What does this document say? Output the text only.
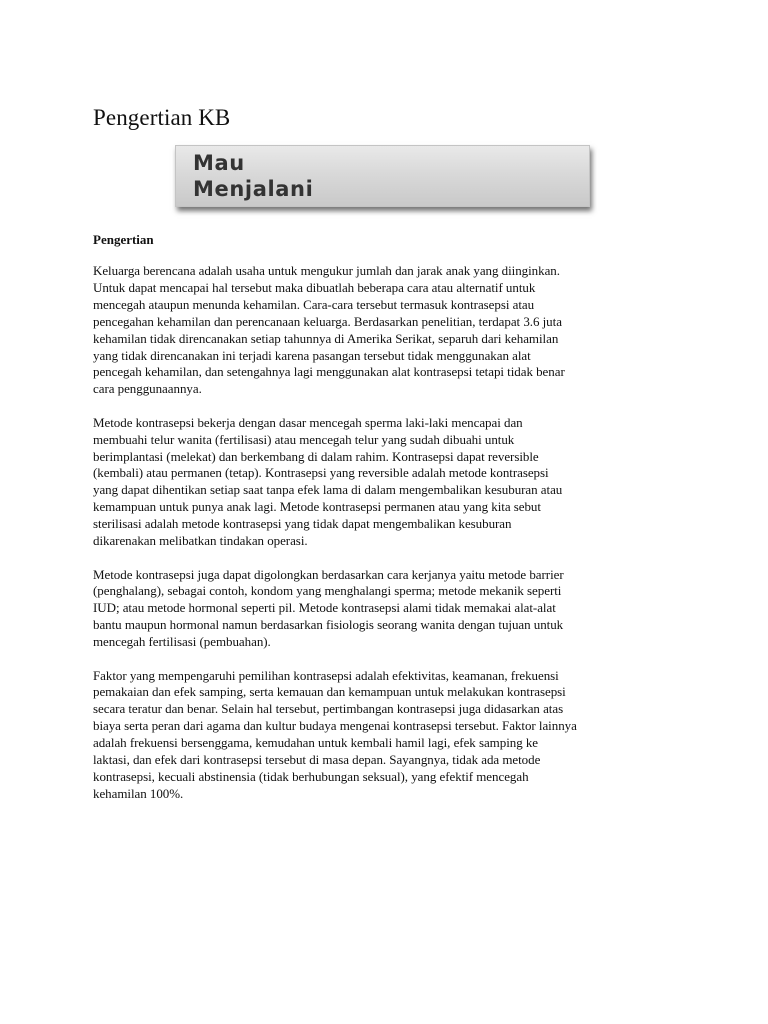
Pengertian KB
Mau
Menjalani

Pengertian

Keluarga berencana adalah usaha untuk mengukur jumlah dan jarak anak yang diinginkan.
Untuk dapat mencapai hal tersebut maka dibuatlah beberapa cara atau alternatif untuk
mencegah ataupun menunda kehamilan. Cara-cara tersebut termasuk kontrasepsi atau
pencegahan kehamilan dan perencanaan keluarga. Berdasarkan penelitian, terdapat 3.6 juta
kehamilan tidak direncanakan setiap tahunnya di Amerika Serikat, separuh dari kehamilan
yang tidak direncanakan ini terjadi karena pasangan tersebut tidak menggunakan alat
pencegah kehamilan, dan setengahnya lagi menggunakan alat kontrasepsi tetapi tidak benar
cara penggunaannya.

Metode kontrasepsi bekerja dengan dasar mencegah sperma laki-laki mencapai dan
membuahi telur wanita (fertilisasi) atau mencegah telur yang sudah dibuahi untuk
berimplantasi (melekat) dan berkembang di dalam rahim. Kontrasepsi dapat reversible
(kembali) atau permanen (tetap). Kontrasepsi yang reversible adalah metode kontrasepsi
yang dapat dihentikan setiap saat tanpa efek lama di dalam mengembalikan kesuburan atau
kemampuan untuk punya anak lagi. Metode kontrasepsi permanen atau yang kita sebut
sterilisasi adalah metode kontrasepsi yang tidak dapat mengembalikan kesuburan
dikarenakan melibatkan tindakan operasi.

Metode kontrasepsi juga dapat digolongkan berdasarkan cara kerjanya yaitu metode barrier
(penghalang), sebagai contoh, kondom yang menghalangi sperma; metode mekanik seperti
IUD; atau metode hormonal seperti pil. Metode kontrasepsi alami tidak memakai alat-alat
bantu maupun hormonal namun berdasarkan fisiologis seorang wanita dengan tujuan untuk
mencegah fertilisasi (pembuahan).

Faktor yang mempengaruhi pemilihan kontrasepsi adalah efektivitas, keamanan, frekuensi
pemakaian dan efek samping, serta kemauan dan kemampuan untuk melakukan kontrasepsi
secara teratur dan benar. Selain hal tersebut, pertimbangan kontrasepsi juga didasarkan atas
biaya serta peran dari agama dan kultur budaya mengenai kontrasepsi tersebut. Faktor lainnya
adalah frekuensi bersenggama, kemudahan untuk kembali hamil lagi, efek samping ke
laktasi, dan efek dari kontrasepsi tersebut di masa depan. Sayangnya, tidak ada metode
kontrasepsi, kecuali abstinensia (tidak berhubungan seksual), yang efektif mencegah
kehamilan 100%.
